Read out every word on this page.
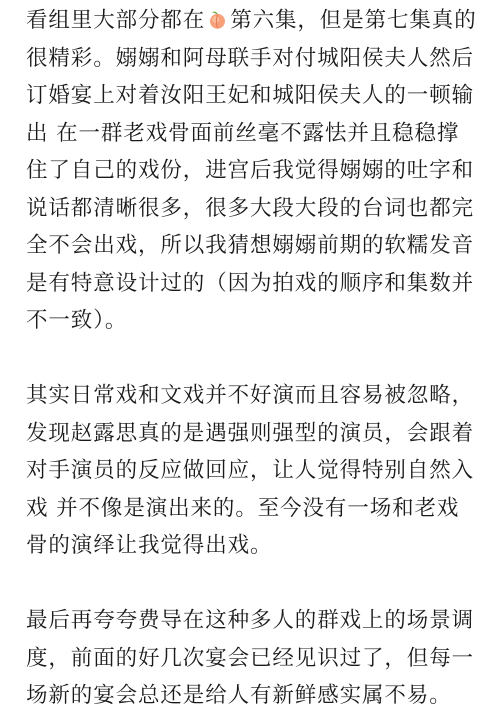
看组里大部分都在 第六集，但是第七集真的很精彩。嫋嫋和阿母联手对付城阳侯夫人然后订婚宴上对着汝阳王妃和城阳侯夫人的一顿输出 在一群老戏骨面前丝毫不露怯并且稳稳撑住了自己的戏份，进宫后我觉得嫋嫋的吐字和说话都清晰很多，很多大段大段的台词也都完全不会出戏，所以我猜想嫋嫋前期的软糯发音是有特意设计过的（因为拍戏的顺序和集数并不一致）。

其实日常戏和文戏并不好演而且容易被忽略，发现赵露思真的是遇强则强型的演员，会跟着对手演员的反应做回应，让人觉得特别自然入戏 并不像是演出来的。至今没有一场和老戏骨的演绎让我觉得出戏。

最后再夸夸费导在这种多人的群戏上的场景调度，前面的好几次宴会已经见识过了，但每一场新的宴会总还是给人有新鲜感实属不易。
